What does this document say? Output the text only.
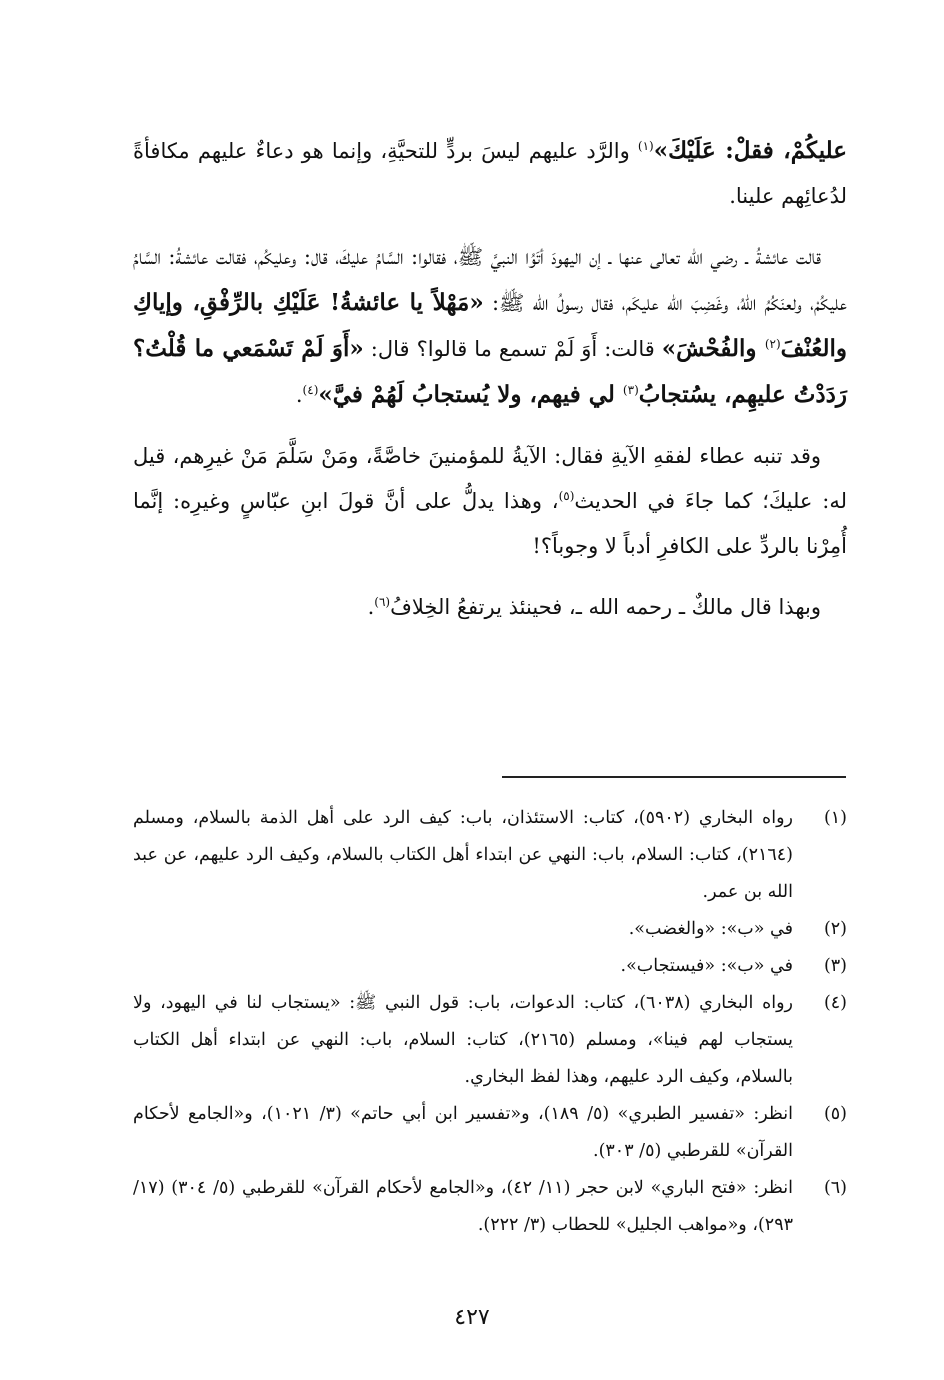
عليكُمْ، فقلْ: عَلَيْكَ»$^{(١)}$ والرَّد عليهم ليسَ بردٍّ للتحيَّةِ، وإنما هو دعاءٌ عليهم مكافأةً لدُعائِهم علينا.

قالت عائشةُ ـ رضي الله تعالى عنها ـ إن اليهودَ أتَوُا النبيَّ ﷺ، فقالوا: السَّامُ عليكَ، قال: وعليكُم، فقالت عائشةُ: السَّامُ عليكُمْ، ولعنَكُمُ اللهُ، وغَضِبَ الله عليكَم، فقال رسولُ الله ﷺ: «مَهْلاً يا عائشةُ! عَلَيْكِ بالرِّفْقِ، وإياكِ والعُنْفَ$^{(٢)}$ والفُحْشَ» قالت: أَوَ لَمْ تسمع ما قالوا؟ قال: «أَوَ لَمْ تَسْمَعي ما قُلْتُ؟ رَدَدْتُ عليهِم، يسُتجابُ$^{(٣)}$ لي فيهم، ولا يُستجابُ لَهُمْ فيَّ»$^{(٤)}$.

وقد تنبه عطاء لفقهِ الآيةِ فقال: الآيةُ للمؤمنينَ خاصَّةً، ومَنْ سَلَّمَ مَنْ غيرِهم، قيل له: عليكَ؛ كما جاءَ في الحديث$^{(٥)}$، وهذا يدلُّ على أنَّ قولَ ابنِ عبّاسٍ وغيرِه: إنَّما أُمِرْنا بالردِّ على الكافرِ أدباً لا وجوباً؟!

وبهذا قال مالكٌ ـ رحمه الله ـ، فحينئذ يرتفعُ الخِلافُ$^{(٦)}$.

(١)
رواه البخاري (٥٩٠٢)، كتاب: الاستئذان، باب: كيف الرد على أهل الذمة بالسلام، ومسلم (٢١٦٤)، كتاب: السلام، باب: النهي عن ابتداء أهل الكتاب بالسلام، وكيف الرد عليهم، عن عبد الله بن عمر.
(٢)
في «ب»: «والغضب».
(٣)
في «ب»: «فيستجاب».
(٤)
رواه البخاري (٦٠٣٨)، كتاب: الدعوات، باب: قول النبي ﷺ: «يستجاب لنا في اليهود، ولا يستجاب لهم فينا»، ومسلم (٢١٦٥)، كتاب: السلام، باب: النهي عن ابتداء أهل الكتاب بالسلام، وكيف الرد عليهم، وهذا لفظ البخاري.
(٥)
انظر: «تفسير الطبري» (٥/ ١٨٩)، و«تفسير ابن أبي حاتم» (٣/ ١٠٢١)، و«الجامع لأحكام القرآن» للقرطبي (٥/ ٣٠٣).
(٦)
انظر: «فتح الباري» لابن حجر (١١/ ٤٢)، و«الجامع لأحكام القرآن» للقرطبي (٥/ ٣٠٤) (١٧/ ٢٩٣)، و«مواهب الجليل» للحطاب (٣/ ٢٢٢).
٤٢٧
